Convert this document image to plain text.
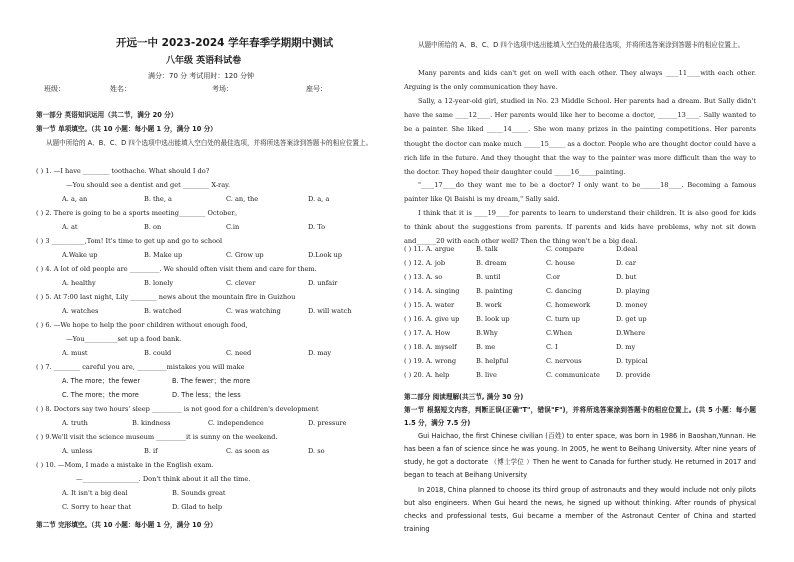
开远一中 2023-2024 学年春季学期期中测试
八年级 英语科试卷
满分：70 分 考试用时：120 分钟
班级：	姓名：	考场：	座号：
第一部分 英语知识运用（共二节，满分 20 分）
第一节 单项填空。（共 10 小题：每小题 1 分，满分 10 分）
从题中所给的 A、B、C、D 四个选项中选出能填入空白处的最佳选项，并将所选答案涂到答题卡的相应位置上。
( ) 1. —I have ________ toothache. What should I do?
—You should see a dentist and get ________ X-ray.
A. a, an	B. the, a	C. an, the	D. a, a
( ) 2. There is going to be a sports meeting________ October。
A. at	B. on	C.in	D. To
( ) 3 __________,Tom! It's time to get up and go to school
A.Wake up	B. Make up	C. Grow up	D.Look up
( ) 4. A lot of old people are _________. We should often visit them and care for them.
A. healthy	B. lonely	C. clever	D. unfair
( ) 5. At 7:00 last night, Lily ________ news about the mountain fire in Guizhou
A. watches	B. watched	C. was watching	D. will watch
( ) 6. —We hope to help the poor children without enough food,
—You__________set up a food bank.
A. must	B. could	C. need	D. may
( ) 7. ________ careful you are, _________mistakes you will make
A. The more；the fewer	B. The fewer；the more
C. The more；the more	D. The less；the less
( ) 8. Doctors say two hours' sleep _________ is not good for a children's development
A. truth	B. kindness	C. independence	D. pressure
( ) 9.We'll visit the science museum _________it is sunny on the weekend.
A. unless	B. if	C. as soon as	D. so
( ) 10. —Mom, I made a mistake in the English exam.
—_________________. Don't think about it all the time.
A. It isn't a big deal	B. Sounds great
C. Sorry to hear that	D. Glad to help
第二节 完形填空。（共 10 小题：每小题 1 分，满分 10 分）
从题中所给的 A、B、C、D 四个选项中选出能填入空白处的最佳选项，并将所选答案涂到答题卡的相应位置上。
Many parents and kids can't get on well with each other. They always ____11____with each other. Arguing is the only communication they have.
Sally, a 12-year-old girl, studied in No. 23 Middle School. Her parents had a dream. But Sally didn't have the same ____12____. Her parents would like her to become a doctor, ______13____. Sally wanted to be a painter. She liked _____14_____. She won many prizes in the painting competitions. Her parents thought the doctor can make much _____15_____ as a doctor. People who are thought doctor could have a rich life in the future. And they thought that the way to the painter was more difficult than the way to the doctor. They hoped their daughter could _____16_____painting.
"____17____do they want me to be a doctor? I only want to be______18____. Becoming a famous painter like Qi Baishi is my dream," Sally said.
I think that it is ____19____for parents to learn to understand their children. It is also good for kids to think about the suggestions from parents. If parents and kids have problems, why not sit down and______20 with each other well? Then the thing won't be a big deal.
( ) 11. A. argue	B. talk	C. compare	D.deal
( ) 12. A. job	B. dream	C. house	D. car
( ) 13. A. so	B. until	C.or	D. but
( ) 14. A. singing	B. painting	C. dancing	D. playing
( ) 15. A. water	B. work	C. homework	D. money
( ) 16. A. give up	B. look up	C. turn up	D. get up
( ) 17. A. How	B.Why	C.When	D.Where
( ) 18. A. myself	B. me	C. I	D. my
( ) 19. A. wrong	B. helpful	C. nervous	D. typical
( ) 20. A. help	B. live	C. communicate D. provide
第二部分 阅读理解(共三节, 满分 30 分)
第一节 根据短文内容，判断正误(正确"T"，错误"F")，并将所选答案涂到答题卡的相应位置上。(共 5 小题：每小题 1.5 分，满分 7.5 分)
Gui Haichao, the first Chinese civilian (百姓) to enter space, was born in 1986 in Baoshan,Yunnan. He has been a fan of science since he was young. In 2005, he went to Beihang University. After nine years of study, he got a doctorate （博士学位 ）Then he went to Canada for further study. He returned in 2017 and began to teach at Beihang University
In 2018, China planned to choose its third group of astronauts and they would include not only pilots but also engineers. When Gui heard the news, he signed up without thinking. After rounds of physical checks and professional tests, Gui became a member of the Astronaut Center of China and started training
